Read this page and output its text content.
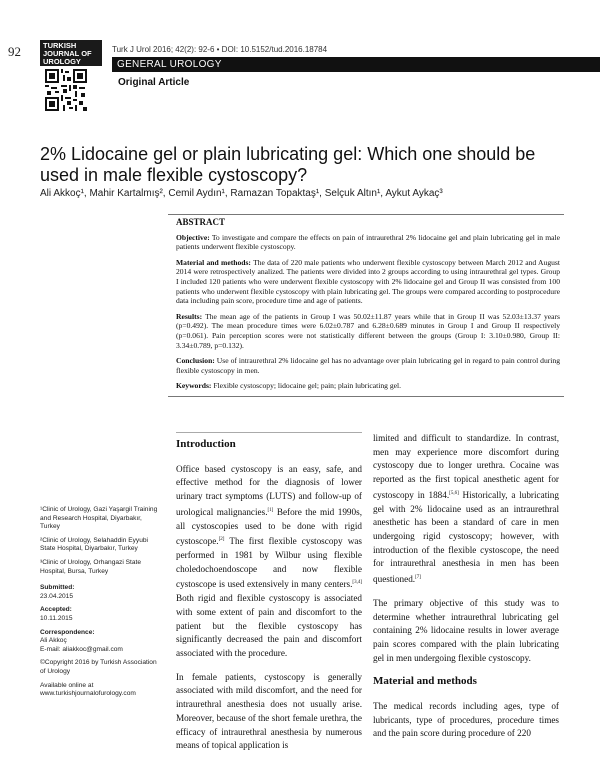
92	TURKISH
JOURNAL OF
UROLOGY
Turk J Urol 2016; 42(2): 92-6 • DOI: 10.5152/tud.2016.18784
GENERAL UROLOGY
Original Article
2% Lidocaine gel or plain lubricating gel: Which one should be used in male flexible cystoscopy?
Ali Akkoç¹, Mahir Kartalmış², Cemil Aydın¹, Ramazan Topaktaş¹, Selçuk Altın¹, Aykut Aykaç³
ABSTRACT

Objective: To investigate and compare the effects on pain of intraurethral 2% lidocaine gel and plain lubricating gel in male patients underwent flexible cystoscopy.

Material and methods: The data of 220 male patients who underwent flexible cystoscopy between March 2012 and August 2014 were retrospectively analized. The patients were divided into 2 groups according to using intraurethral gel types. Group I included 120 patients who were underwent flexible cystoscopy with 2% lidocaine gel and Group II was consisted from 100 patients who underwent flexible cystoscopy with plain lubricating gel. The groups were compared according to postprocedure data including pain score, procedure time and age of patients.

Results: The mean age of the patients in Group I was 50.02±11.87 years while that in Group II was 52.03±13.37 years (p=0.492). The mean procedure times were 6.02±0.787 and 6.28±0.689 minutes in Group I and Group II respectively (p=0.061). Pain perception scores were not statistically different between the groups (Group I: 3.10±0.980, Group II: 3.34±0.789, p=0.132).

Conclusion: Use of intraurethral 2% lidocaine gel has no advantage over plain lubricating gel in regard to pain control during flexible cystoscopy in men.

Keywords: Flexible cystoscopy; lidocaine gel; pain; plain lubricating gel.

¹Clinic of Urology, Gazi Yaşargil Training and Research Hospital, Diyarbakır, Turkey

²Clinic of Urology, Selahaddin Eyyubi State Hospital, Diyarbakır, Turkey

³Clinic of Urology, Orhangazi State Hospital, Bursa, Turkey

Submitted:
23.04.2015

Accepted:
10.11.2015

Correspondence:
Ali Akkoç
E-mail: aliakkoc@gmail.com

©Copyright 2016 by Turkish Association of Urology

Available online at
www.turkishjournalofurology.com

Introduction

Office based cystoscopy is an easy, safe, and effective method for the diagnosis of lower urinary tract symptoms (LUTS) and follow-up of urological malignancies.[1] Before the mid 1990s, all cystoscopies used to be done with rigid cystoscope.[2] The first flexible cystoscopy was performed in 1981 by Wilbur using flexible choledochoendoscope and now flexible cystoscope is used extensively in many centers.[3,4] Both rigid and flexible cystoscopy is associated with some extent of pain and discomfort to the patient but the flexible cystoscopy has significantly decreased the pain and discomfort associated with the procedure.

In female patients, cystoscopy is generally associated with mild discomfort, and the need for intraurethral anesthesia does not usually arise. Moreover, because of the short female urethra, the efficacy of intraurethral anesthesia by numerous means of topical application is

limited and difficult to standardize. In contrast, men may experience more discomfort during cystoscopy due to longer urethra. Cocaine was reported as the first topical anesthetic agent for cystoscopy in 1884.[5,6] Historically, a lubricating gel with 2% lidocaine used as an intraurethral anesthetic has been a standard of care in men undergoing rigid cystoscopy; however, with introduction of the flexible cystoscope, the need for intraurethral anesthesia in men has been questioned.[7]

The primary objective of this study was to determine whether intraurethral lubricating gel containing 2% lidocaine results in lower average pain scores compared with the plain lubricating gel in men undergoing flexible cystoscopy.

Material and methods

The medical records including ages, type of lubricants, type of procedures, procedure times and the pain score during procedure of 220
